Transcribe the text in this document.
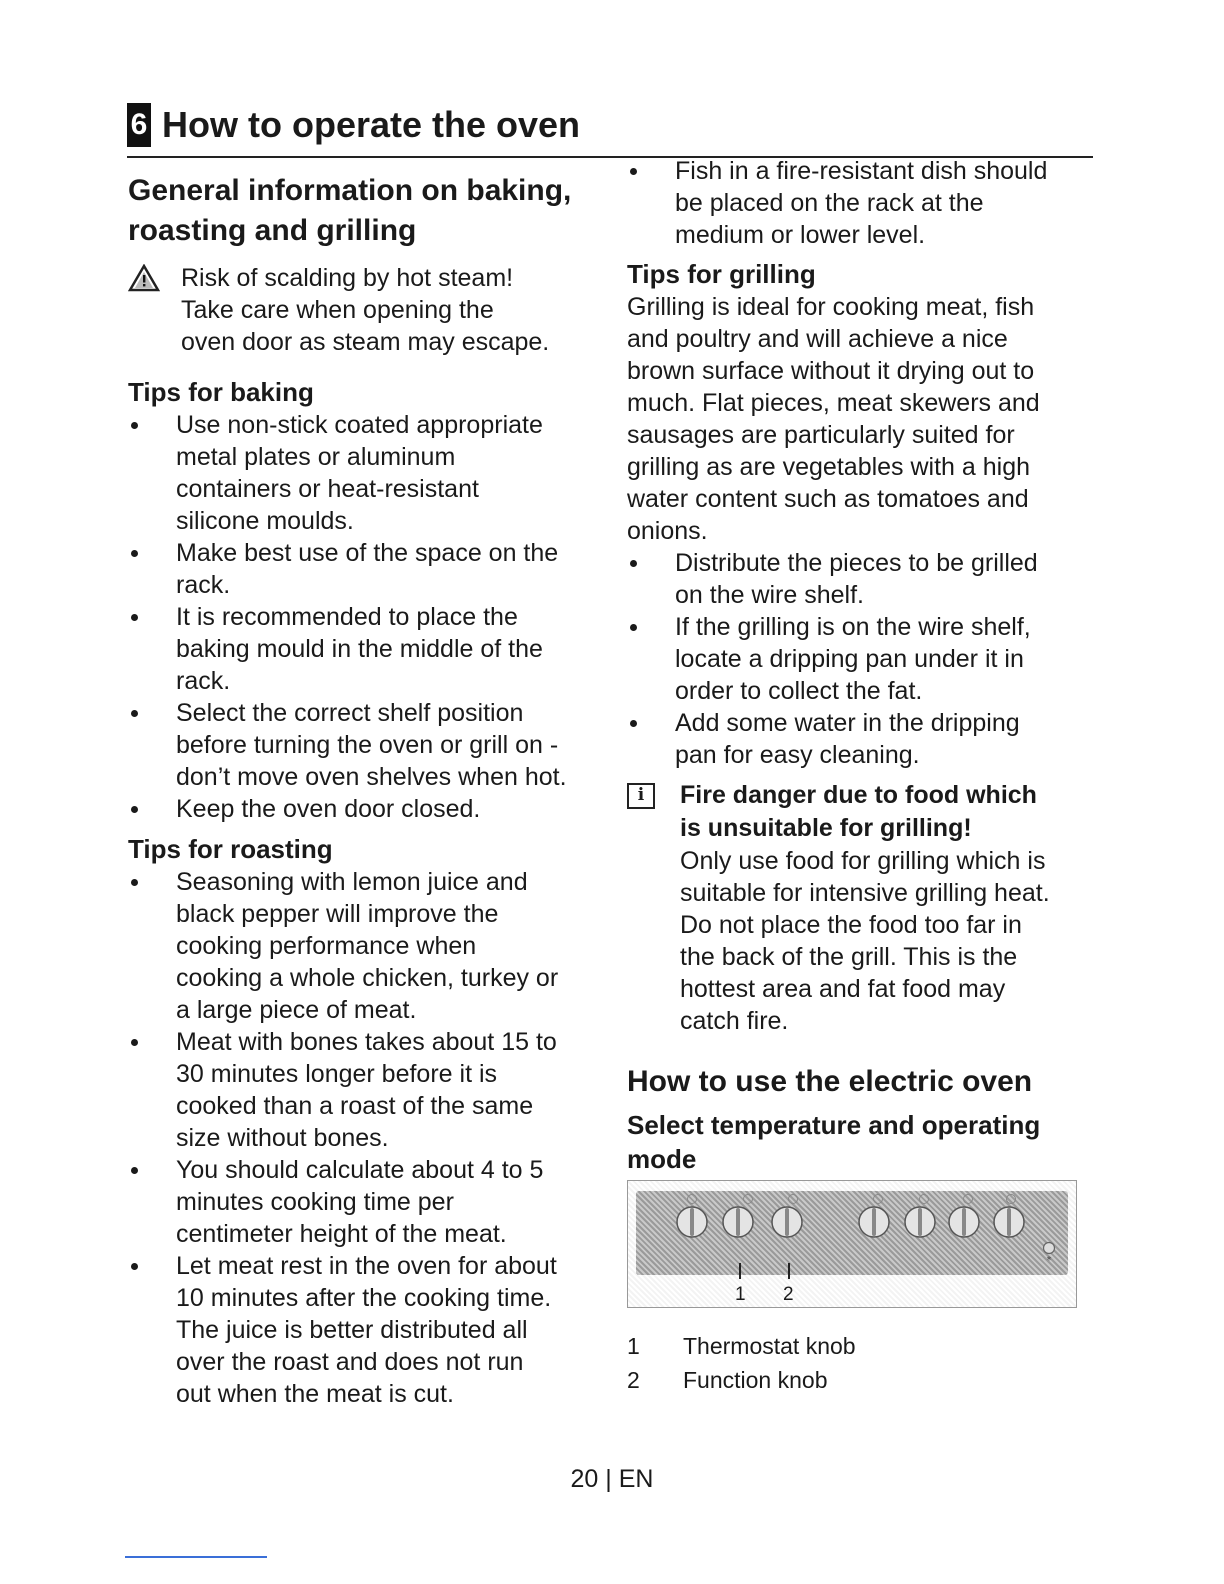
6 How to operate the oven
General information on baking, roasting and grilling

Risk of scalding by hot steam!

Take care when opening the

oven door as steam may escape.

Tips for baking
Use non-stick coated appropriate
metal plates or aluminum
containers or heat-resistant
silicone moulds.
Make best use of the space on the
rack.
It is recommended to place the
baking mould in the middle of the
rack.
Select the correct shelf position
before turning the oven or grill on -
don’t move oven shelves when hot.
Keep the oven door closed.
Tips for roasting
Seasoning with lemon juice and
black pepper will improve the
cooking performance when
cooking a whole chicken, turkey or
a large piece of meat.
Meat with bones takes about 15 to
30 minutes longer before it is
cooked than a roast of the same
size without bones.
You should calculate about 4 to 5
minutes cooking time per
centimeter height of the meat.
Let meat rest in the oven for about
10 minutes after the cooking time.
The juice is better distributed all
over the roast and does not run
out when the meat is cut.
Fish in a fire-resistant dish should
be placed on the rack at the
medium or lower level.
Tips for grilling

Grilling is ideal for cooking meat, fish

and poultry and will achieve a nice

brown surface without it drying out to

much. Flat pieces, meat skewers and

sausages are particularly suited for

grilling as are vegetables with a high

water content such as tomatoes and

onions.

Distribute the pieces to be grilled
on the wire shelf.
If the grilling is on the wire shelf,
locate a dripping pan under it in
order to collect the fat.
Add some water in the dripping
pan for easy cleaning.
i	Fire danger due to food which

is unsuitable for grilling!

Only use food for grilling which is

suitable for intensive grilling heat.

Do not place the food too far in

the back of the grill. This is the

hottest area and fat food may

catch fire.

How to use the electric oven
Select temperature and operating
mode
*
1 2
1 Thermostat knob
2 Function knob
20 | EN
